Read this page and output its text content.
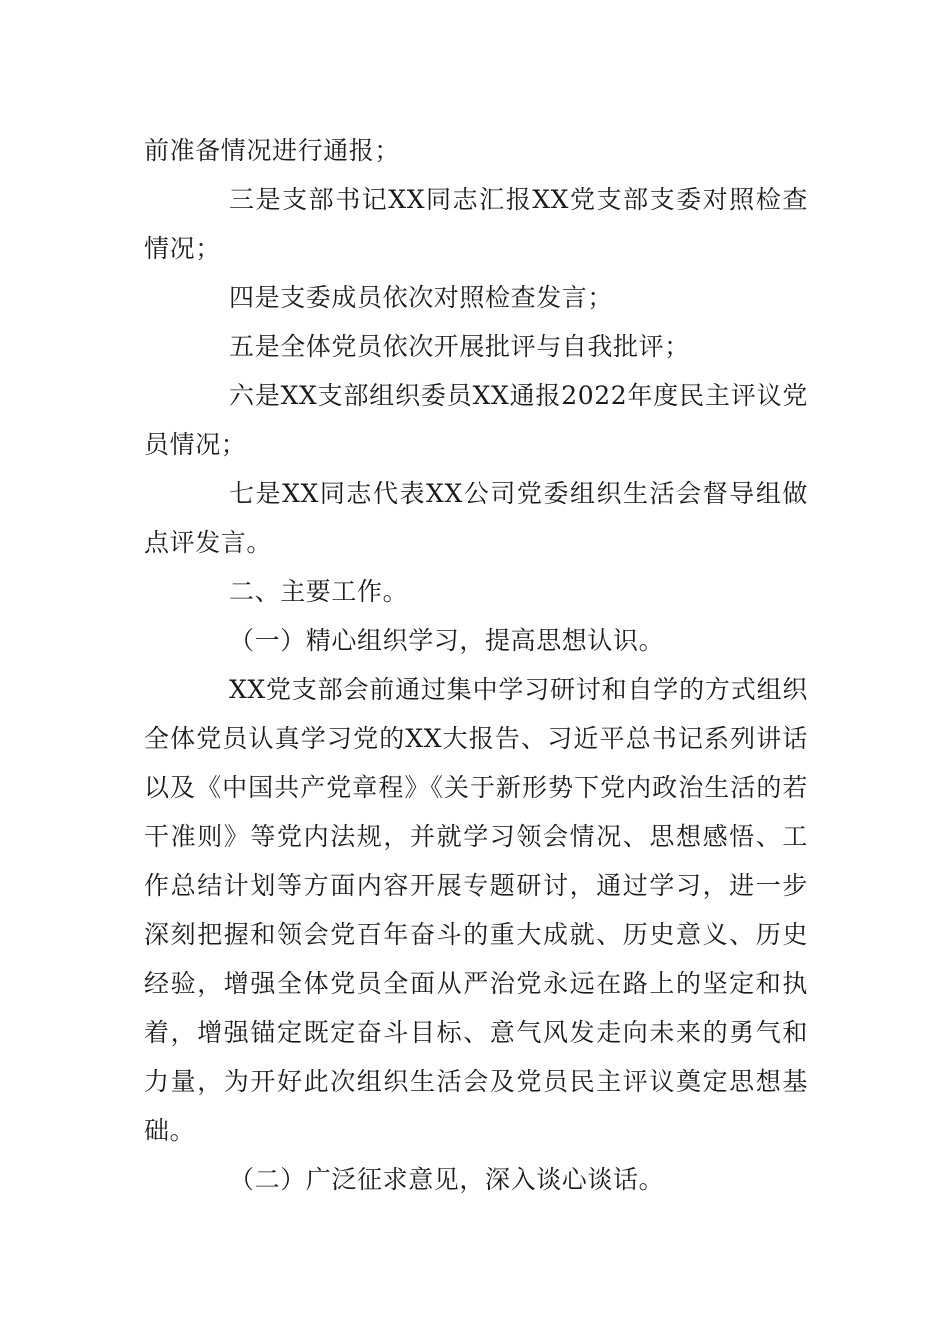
前准备情况进行通报；

三是支部书记XX同志汇报XX党支部支委对照检查情况；

四是支委成员依次对照检查发言；

五是全体党员依次开展批评与自我批评；

六是XX支部组织委员XX通报2022年度民主评议党员情况；

七是XX同志代表XX公司党委组织生活会督导组做点评发言。

二、主要工作。

（一）精心组织学习，提高思想认识。

XX党支部会前通过集中学习研讨和自学的方式组织全体党员认真学习党的XX大报告、习近平总书记系列讲话以及《中国共产党章程》《关于新形势下党内政治生活的若干准则》等党内法规，并就学习领会情况、思想感悟、工作总结计划等方面内容开展专题研讨，通过学习，进一步深刻把握和领会党百年奋斗的重大成就、历史意义、历史经验，增强全体党员全面从严治党永远在路上的坚定和执着，增强锚定既定奋斗目标、意气风发走向未来的勇气和力量，为开好此次组织生活会及党员民主评议奠定思想基础。

（二）广泛征求意见，深入谈心谈话。
